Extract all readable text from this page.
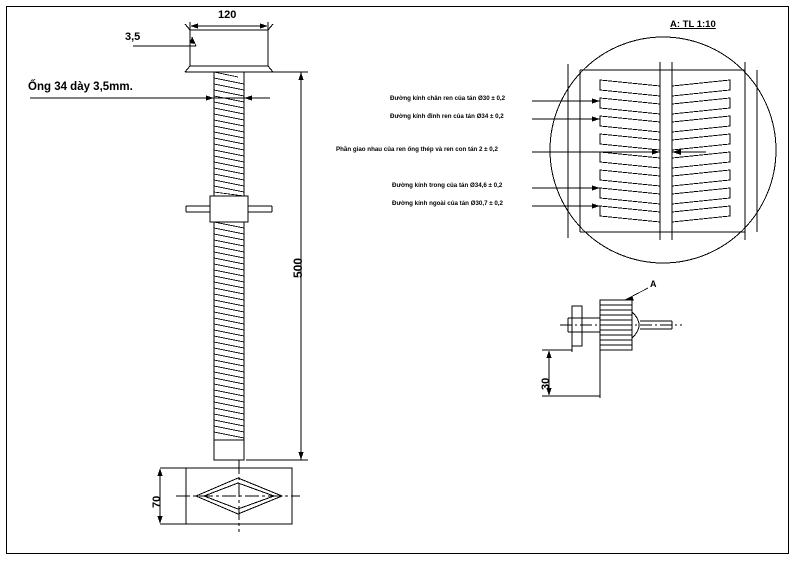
120
3,5
Ống 34 dày 3,5mm.
500
70
30
A: TL 1:10
A
Đường kính chân ren của tán Ø30 ± 0,2
Đường kính đỉnh ren của tán Ø34 ± 0,2
Phần giao nhau của ren ống thép và ren con tán 2 ± 0,2
Đường kính trong của tán Ø34,6 ± 0,2
Đường kính ngoài của tán Ø30,7 ± 0,2
